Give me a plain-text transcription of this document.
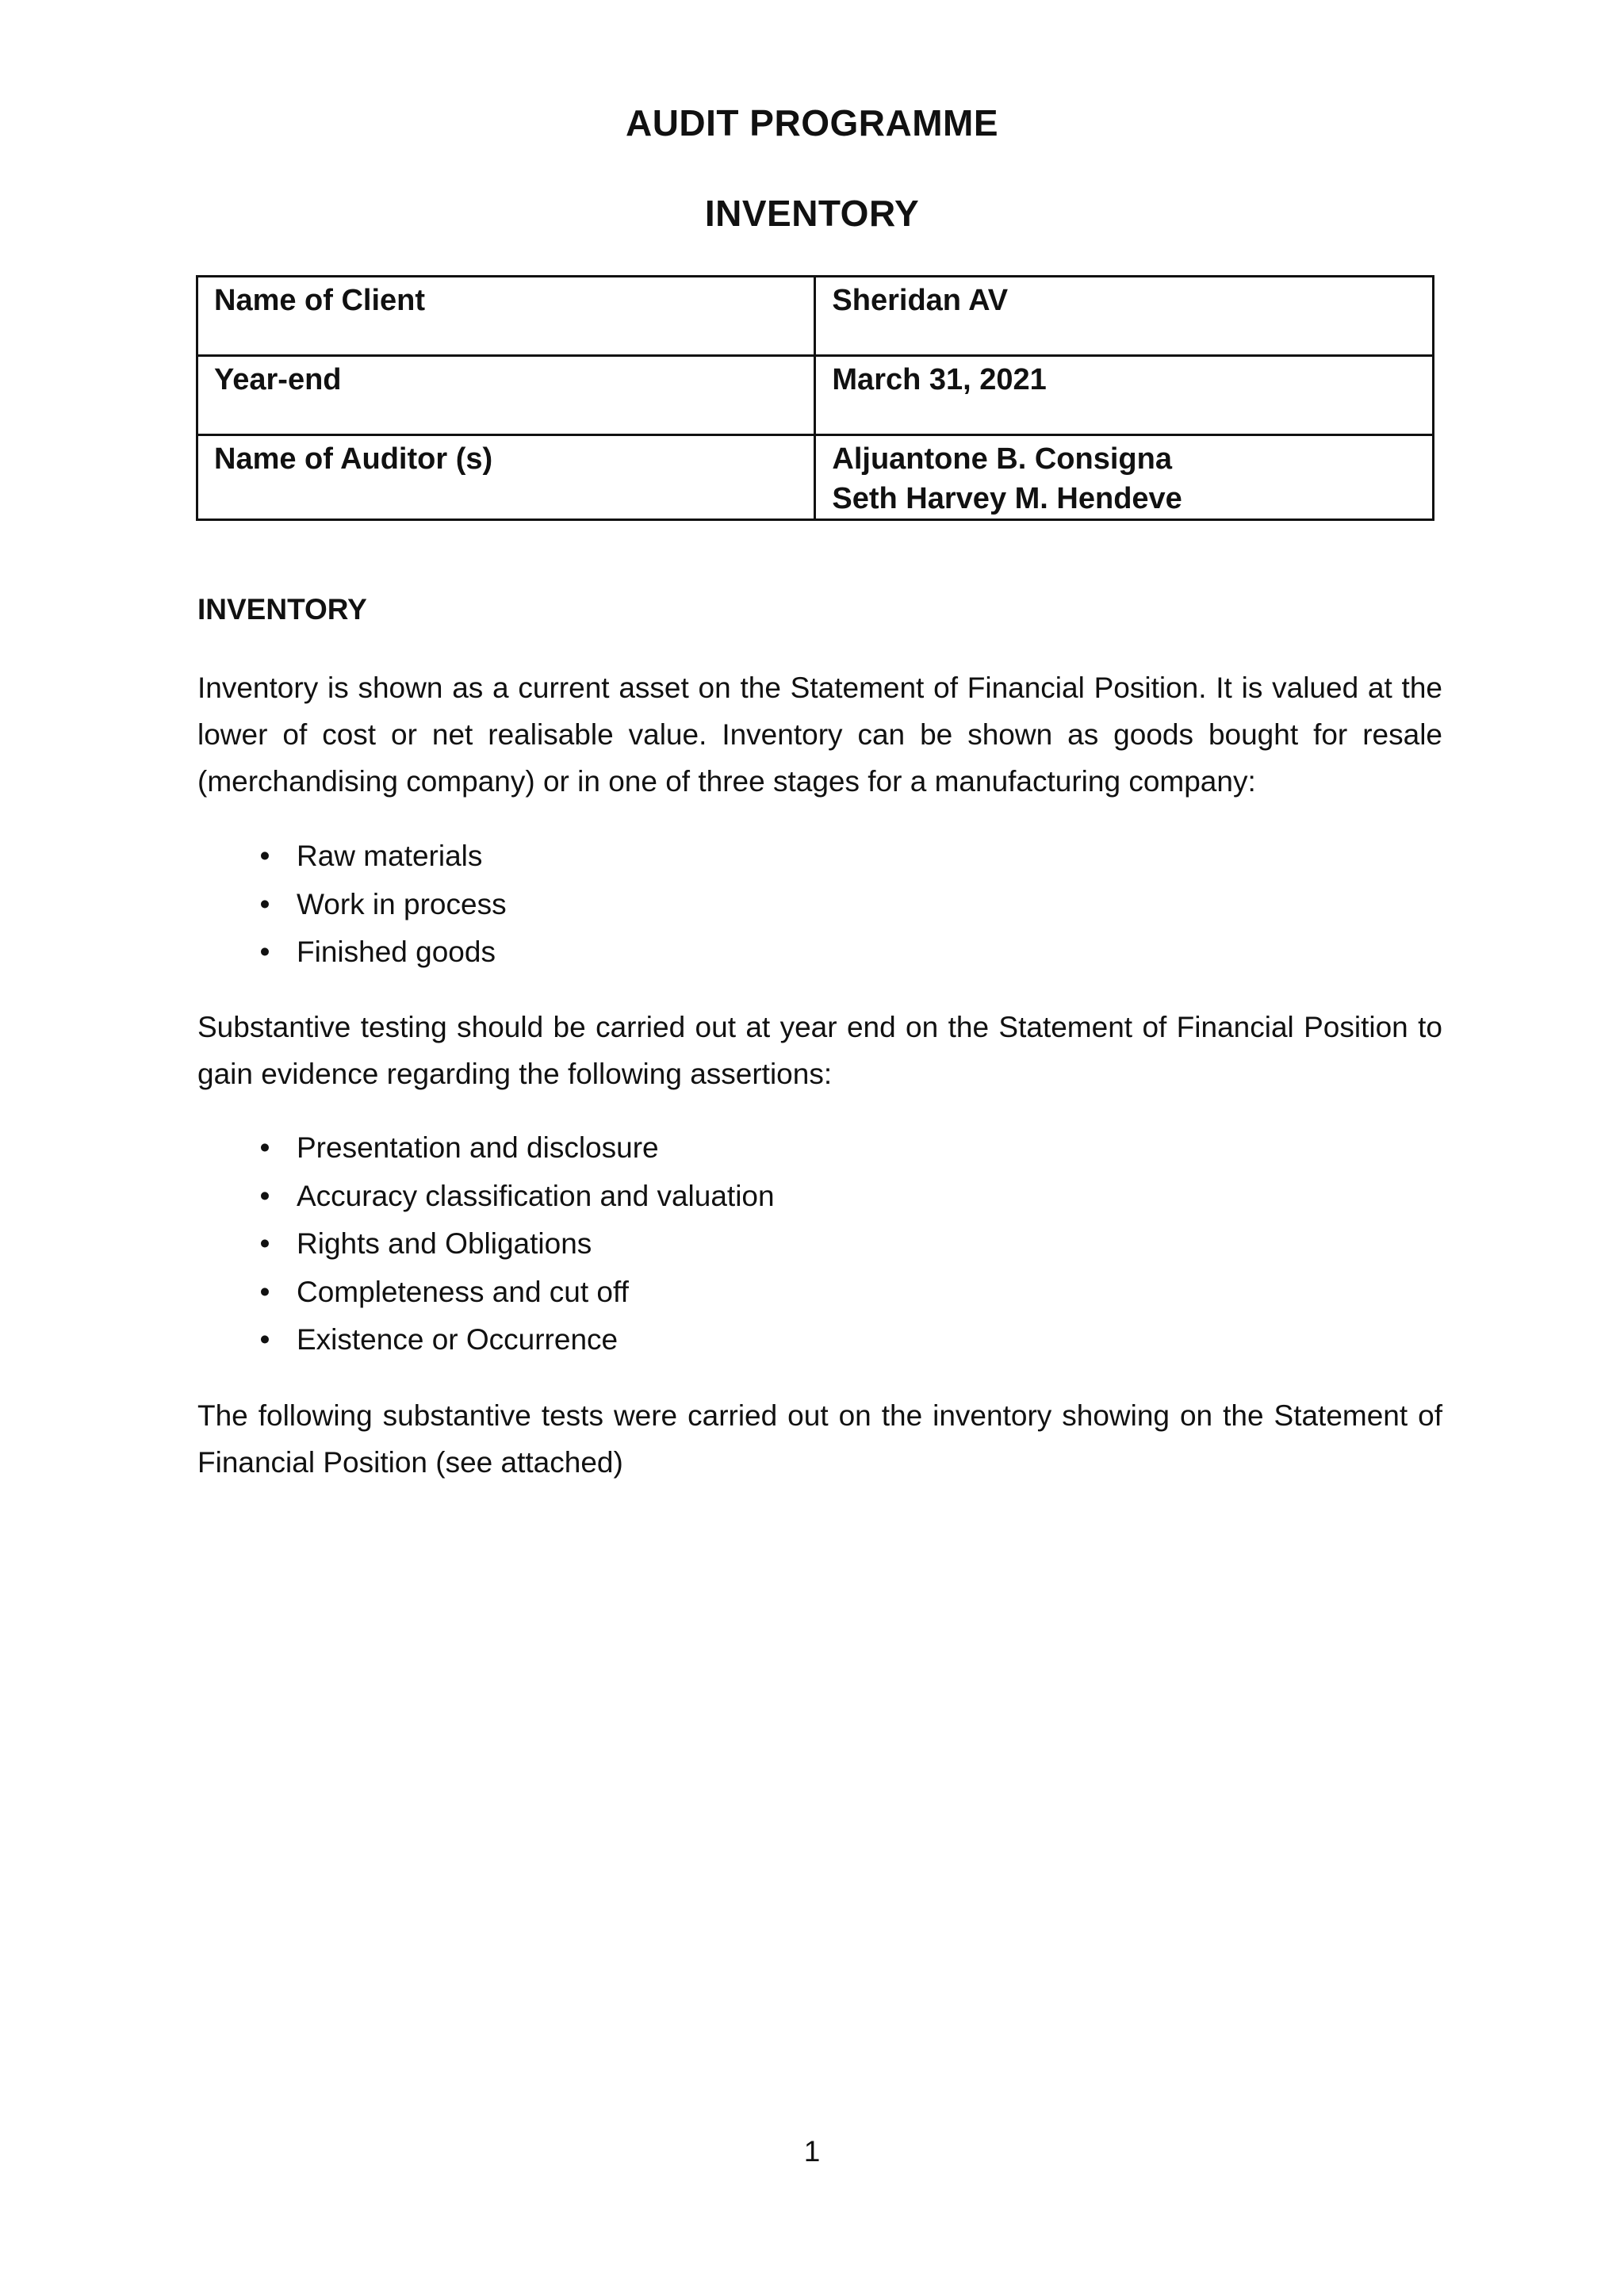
AUDIT PROGRAMME
INVENTORY
Name of Client	Sheridan AV

Year-end	March 31, 2021

Name of Auditor (s)	Aljuantone B. Consigna
Seth Harvey M. Hendeve
INVENTORY
Inventory is shown as a current asset on the Statement of Financial Position. It is valued at the lower of cost or net realisable value. Inventory can be shown as goods bought for resale (merchandising company) or in one of three stages for a manufacturing company:
• Raw materials
• Work in process
• Finished goods
Substantive testing should be carried out at year end on the Statement of Financial Position to gain evidence regarding the following assertions:
• Presentation and disclosure
• Accuracy classification and valuation
• Rights and Obligations
• Completeness and cut off
• Existence or Occurrence
The following substantive tests were carried out on the inventory showing on the Statement of Financial Position (see attached)
1
